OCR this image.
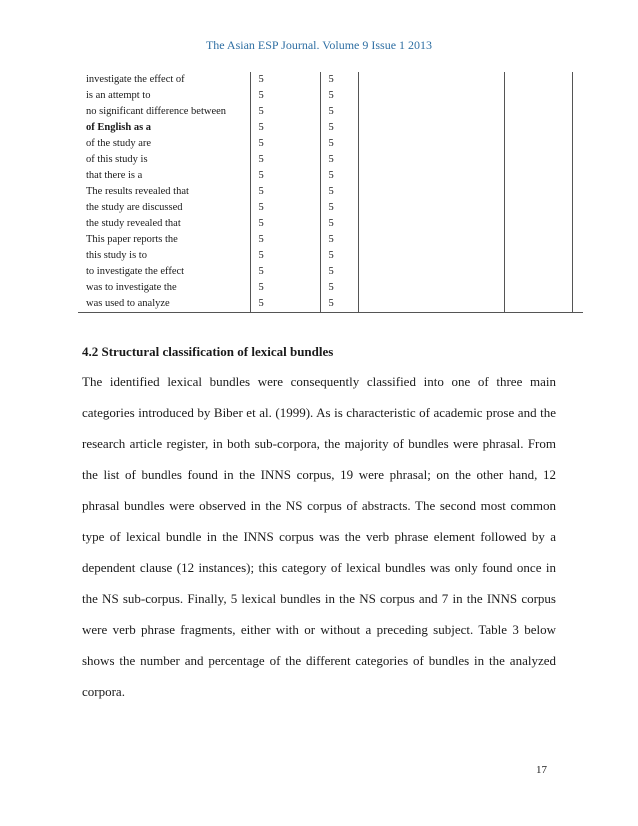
The Asian ESP Journal. Volume 9 Issue 1 2013
investigate the effect of	5	5			
is an attempt to	5	5			
no significant difference between	5	5			
of English as a	5	5			
of the study are	5	5			
of this study is	5	5			
that there is a	5	5			
The results revealed that	5	5			
the study are discussed	5	5			
the study revealed that	5	5			
This paper reports the	5	5			
this study is to	5	5			
to investigate the effect	5	5			
was to investigate the	5	5			
was used to analyze	5	5			
4.2 Structural classification of lexical bundles
The identified lexical bundles were consequently classified into one of three main categories introduced by Biber et al. (1999). As is characteristic of academic prose and the research article register, in both sub-corpora, the majority of bundles were phrasal. From the list of bundles found in the INNS corpus, 19 were phrasal; on the other hand, 12 phrasal bundles were observed in the NS corpus of abstracts. The second most common type of lexical bundle in the INNS corpus was the verb phrase element followed by a dependent clause (12 instances); this category of lexical bundles was only found once in the NS sub-corpus. Finally, 5 lexical bundles in the NS corpus and 7 in the INNS corpus were verb phrase fragments, either with or without a preceding subject. Table 3 below shows the number and percentage of the different categories of bundles in the analyzed corpora.
17
